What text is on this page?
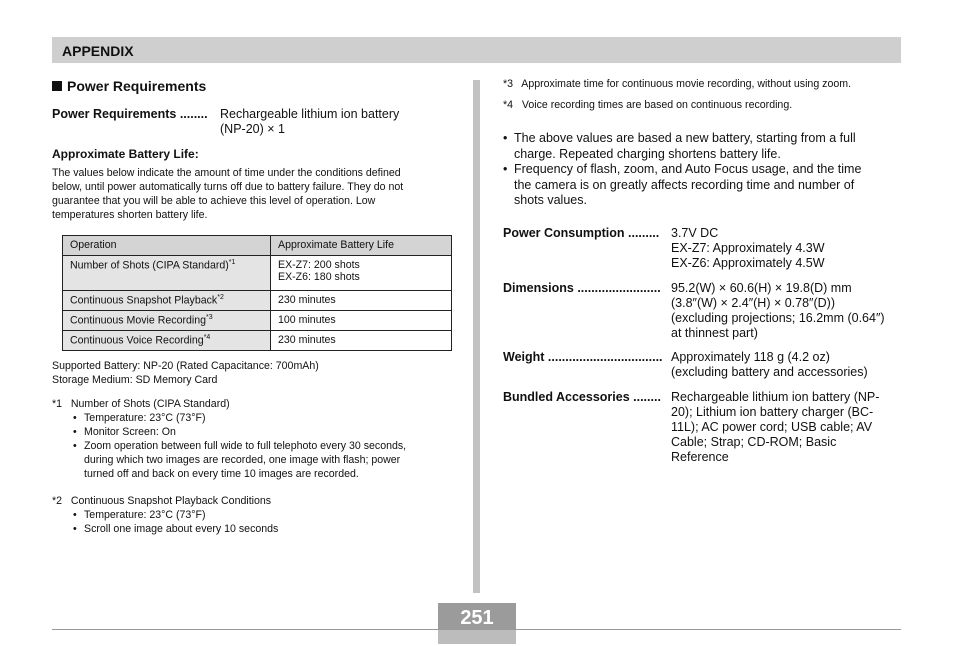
APPENDIX
Power Requirements
Power Requirements ........ Rechargeable lithium ion battery
(NP-20) × 1
Approximate Battery Life:
The values below indicate the amount of time under the conditions defined
below, until power automatically turns off due to battery failure. They do not
guarantee that you will be able to achieve this level of operation. Low
temperatures shorten battery life.
Operation	Approximate Battery Life
Number of Shots (CIPA Standard)$^{*1}$	EX-Z7: 200 shots
EX-Z6: 180 shots

Continuous Snapshot Playback$^{*2}$	230 minutes
Continuous Movie Recording$^{*3}$	100 minutes
Continuous Voice Recording$^{*4}$	230 minutes
Supported Battery: NP-20 (Rated Capacitance: 700mAh)
Storage Medium: SD Memory Card
*1 Number of Shots (CIPA Standard)
• Temperature: 23°C (73°F)
• Monitor Screen: On
• Zoom operation between full wide to full telephoto every 30 seconds,
during which two images are recorded, one image with flash; power
turned off and back on every time 10 images are recorded.
*2 Continuous Snapshot Playback Conditions
• Temperature: 23°C (73°F)
• Scroll one image about every 10 seconds
*3 Approximate time for continuous movie recording, without using zoom.
*4 Voice recording times are based on continuous recording.
• The above values are based a new battery, starting from a full
charge. Repeated charging shortens battery life.
• Frequency of flash, zoom, and Auto Focus usage, and the time
the camera is on greatly affects recording time and number of
shots values.
Power Consumption ......... 3.7V DC
EX-Z7: Approximately 4.3W
EX-Z6: Approximately 4.5W
Dimensions ........................ 95.2(W) × 60.6(H) × 19.8(D) mm
(3.8″(W) × 2.4″(H) × 0.78″(D))
(excluding projections; 16.2mm (0.64″)
at thinnest part)
Weight ................................. Approximately 118 g (4.2 oz)
(excluding battery and accessories)
Bundled Accessories ........ Rechargeable lithium ion battery (NP-
20); Lithium ion battery charger (BC-
11L); AC power cord; USB cable; AV
Cable; Strap; CD-ROM; Basic
Reference
251
